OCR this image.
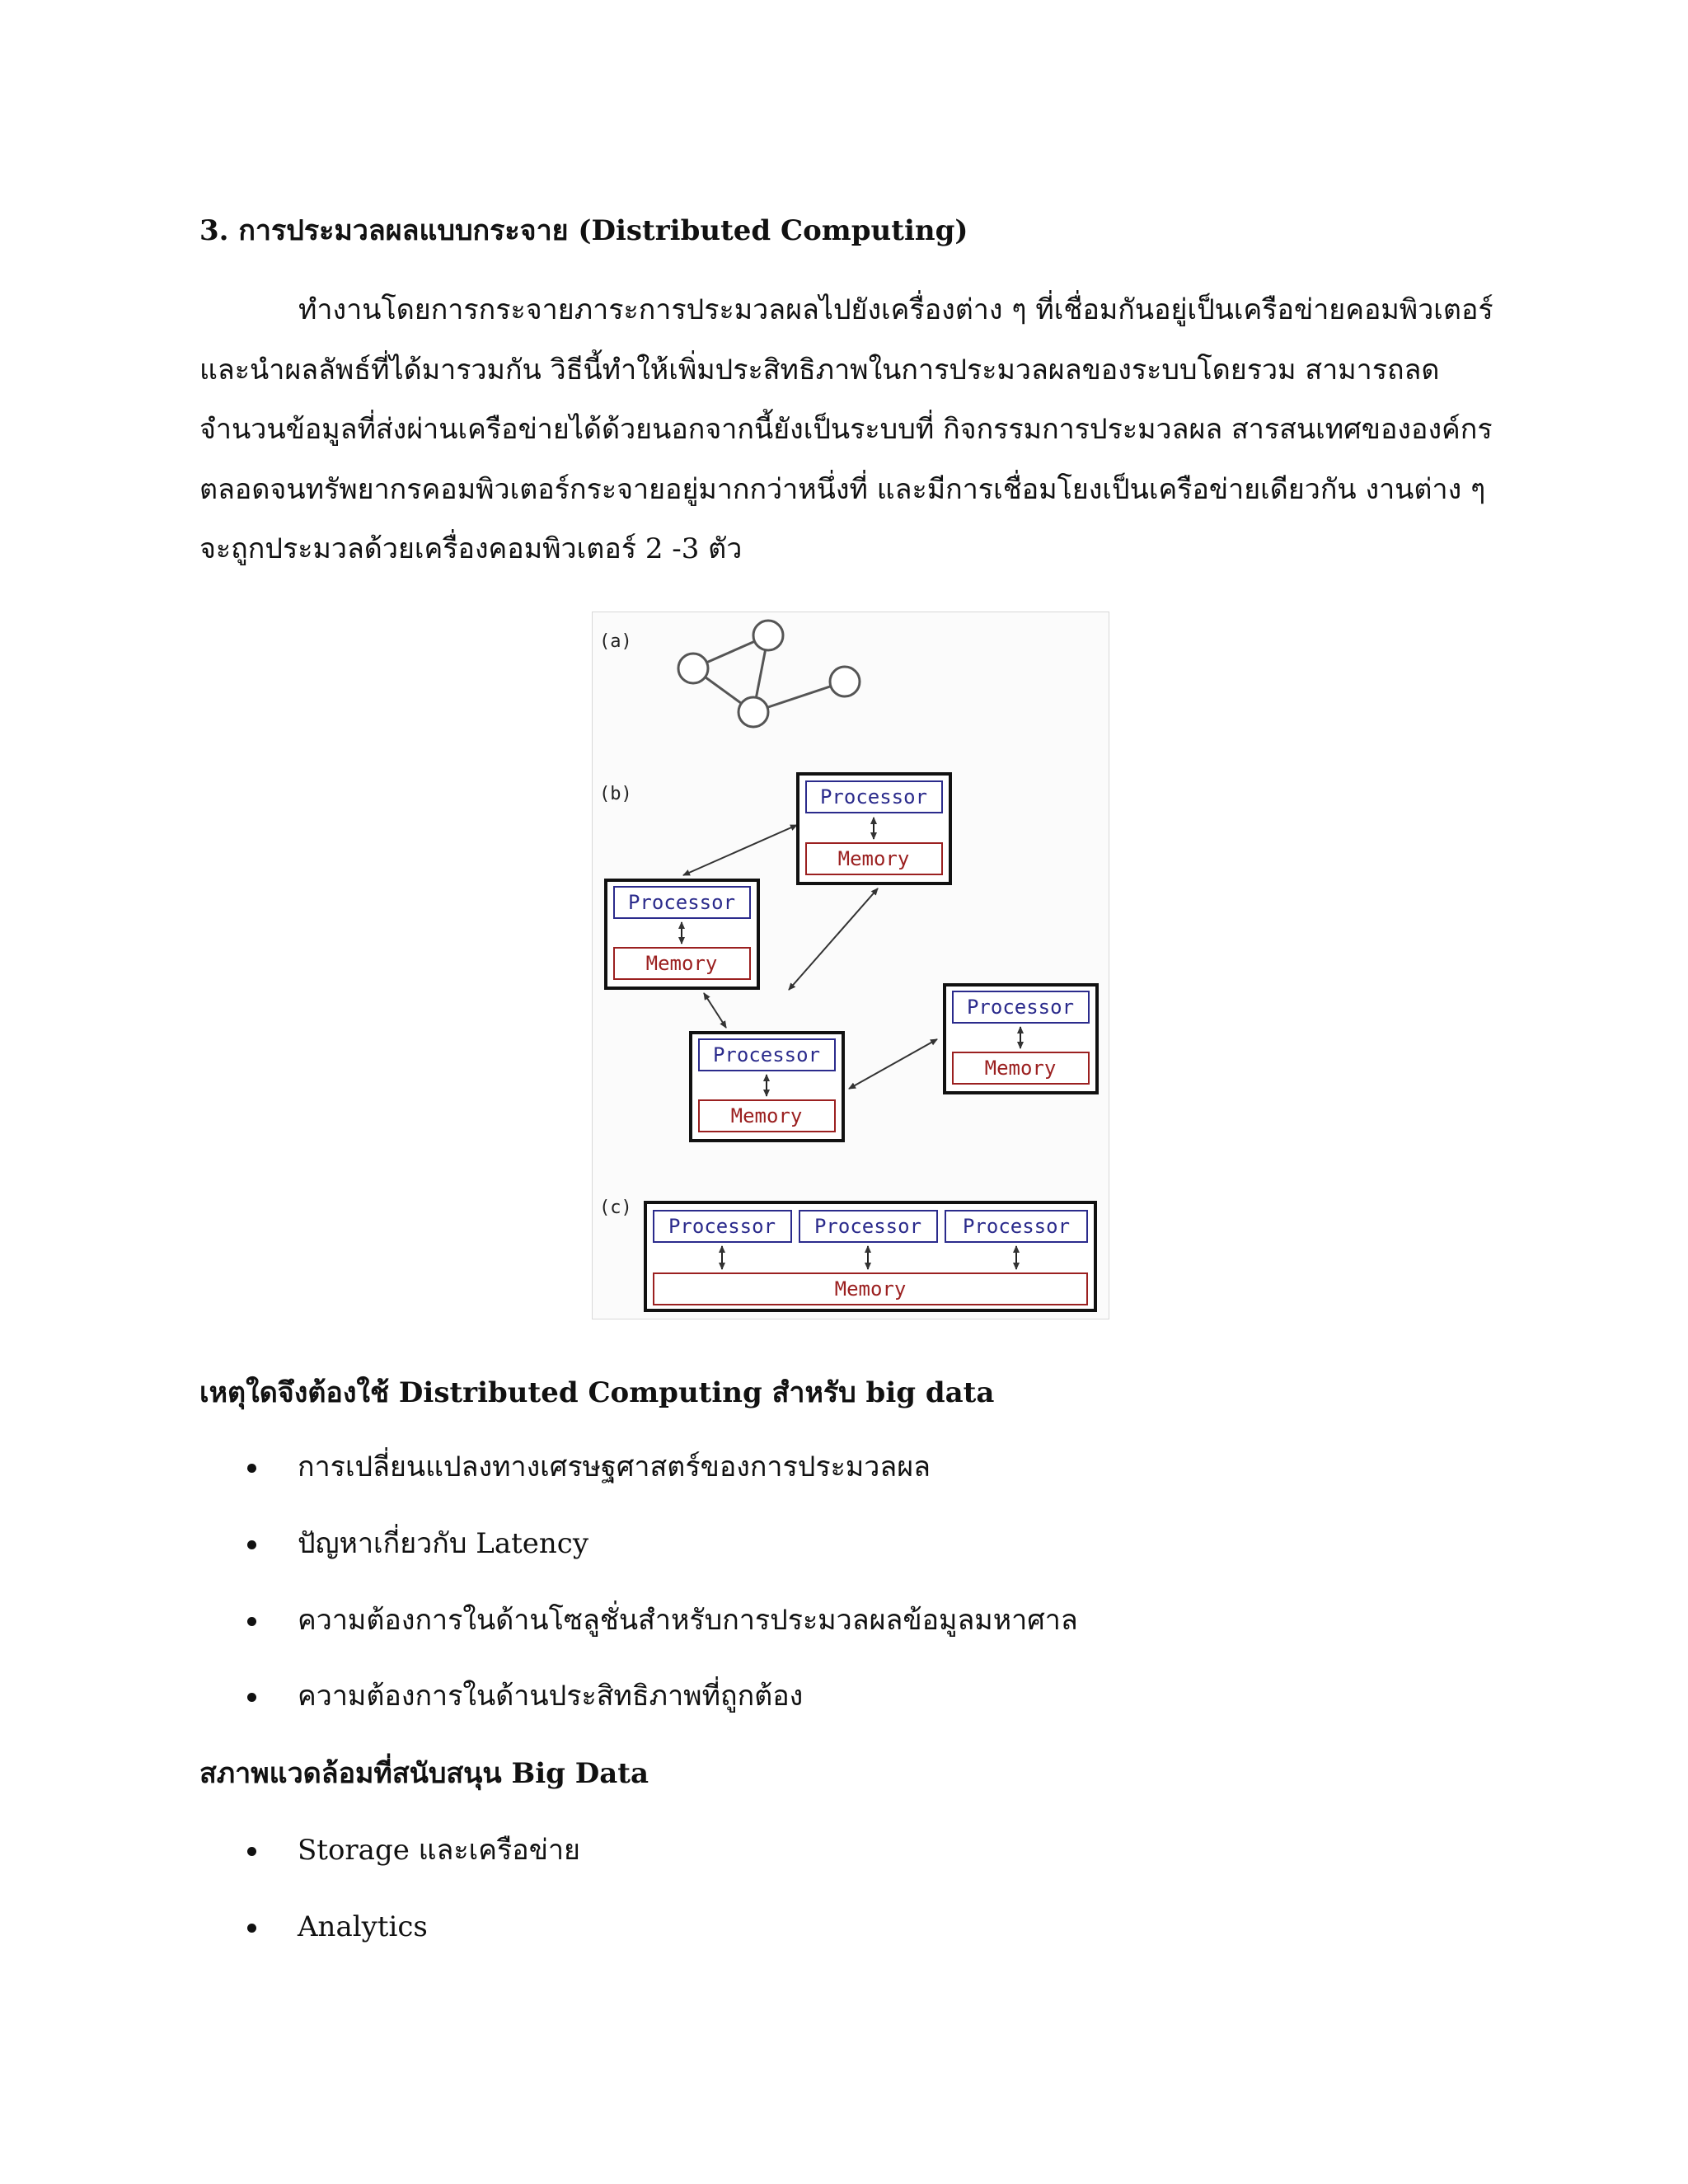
3. การประมวลผลแบบกระจาย (Distributed Computing)

ทำงานโดยการกระจายภาระการประมวลผลไปยังเครื่องต่าง ๆ ที่เชื่อมกันอยู่เป็นเครือข่ายคอมพิวเตอร์
และนำผลลัพธ์ที่ได้มารวมกัน วิธีนี้ทำให้เพิ่มประสิทธิภาพในการประมวลผลของระบบโดยรวม สามารถลด
จำนวนข้อมูลที่ส่งผ่านเครือข่ายได้ด้วยนอกจากนี้ยังเป็นระบบที่ กิจกรรมการประมวลผล สารสนเทศขององค์กร
ตลอดจนทรัพยากรคอมพิวเตอร์กระจายอยู่มากกว่าหนึ่งที่ และมีการเชื่อมโยงเป็นเครือข่ายเดียวกัน งานต่าง ๆ
จะถูกประมวลด้วยเครื่องคอมพิวเตอร์ 2 -3 ตัว

(a)
(b)
(c)
Processor
Memory
Processor
Memory
Processor
Memory
Processor
Memory
Processor Processor Processor
Memory
เหตุใดจึงต้องใช้ Distributed Computing สำหรับ big data
การเปลี่ยนแปลงทางเศรษฐศาสตร์ของการประมวลผล
ปัญหาเกี่ยวกับ Latency
ความต้องการในด้านโซลูชั่นสำหรับการประมวลผลข้อมูลมหาศาล
ความต้องการในด้านประสิทธิภาพที่ถูกต้อง
สภาพแวดล้อมที่สนับสนุน Big Data
Storage และเครือข่าย
Analytics
